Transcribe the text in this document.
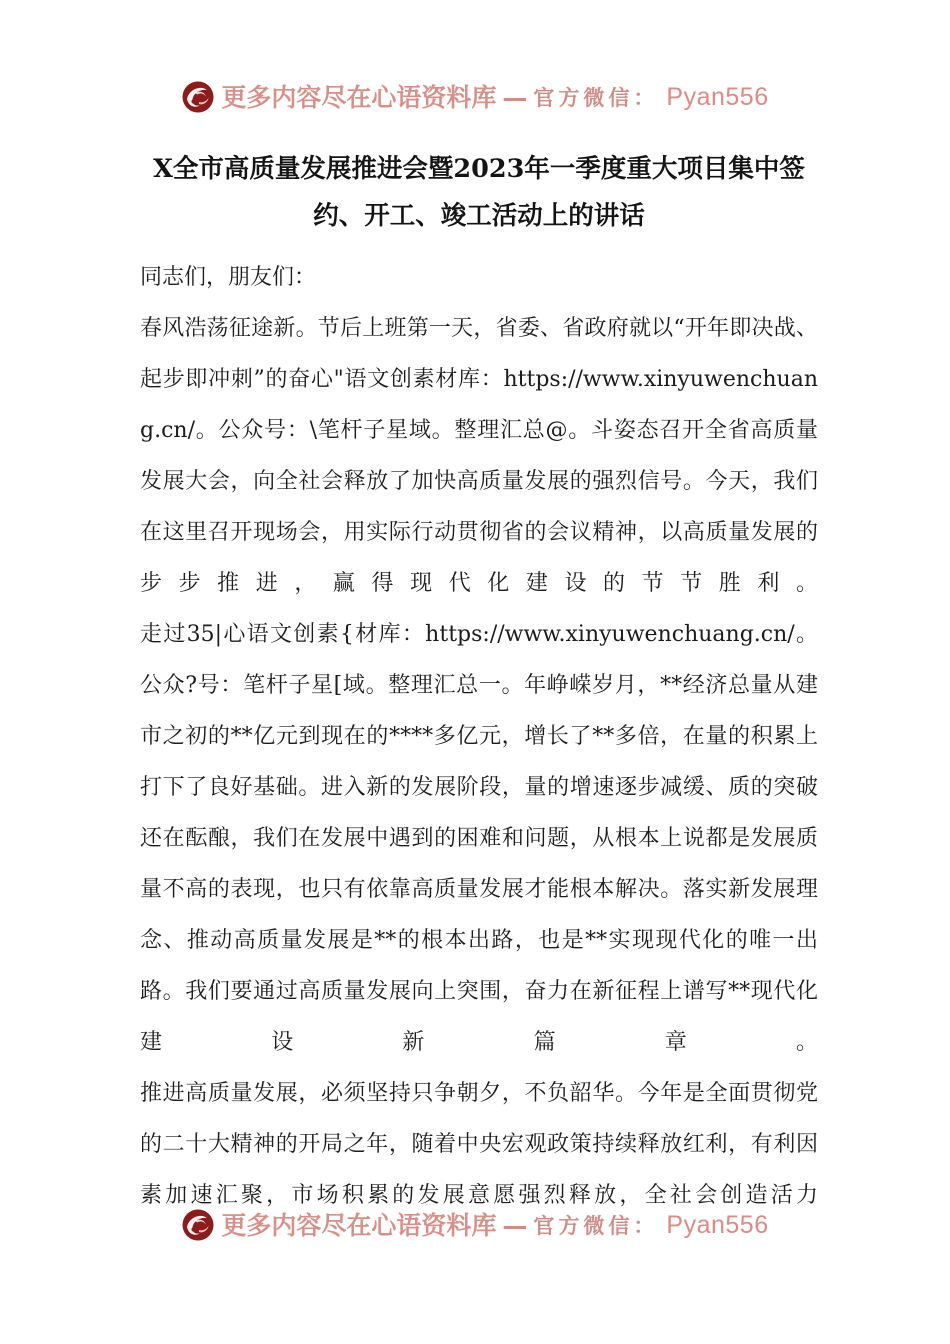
更多内容尽在心语资料库 — 官方微信： Pyan556
X全市高质量发展推进会暨2023年一季度重大项目集中签约、开工、竣工活动上的讲话

同志们，朋友们：

春风浩荡征途新。节后上班第一天，省委、省政府就以“开年即决战、起步即冲刺”的奋心"语文创素材库：https://www.xinyuwenchuang.cn/。公众号：\笔杆子星域。整理汇总@。斗姿态召开全省高质量发展大会，向全社会释放了加快高质量发展的强烈信号。今天，我们在这里召开现场会，用实际行动贯彻省的会议精神，以高质量发展的步步推进，赢得现代化建设的节节胜利。

走过35|心语文创素{材库：https://www.xinyuwenchuang.cn/。公众?号：笔杆子星[域。整理汇总一。年峥嵘岁月，**经济总量从建市之初的**亿元到现在的****多亿元，增长了**多倍，在量的积累上打下了良好基础。进入新的发展阶段，量的增速逐步减缓、质的突破还在酝酿，我们在发展中遇到的困难和问题，从根本上说都是发展质量不高的表现，也只有依靠高质量发展才能根本解决。落实新发展理念、推动高质量发展是**的根本出路，也是**实现现代化的唯一出路。我们要通过高质量发展向上突围，奋力在新征程上谱写**现代化建设新篇章。

推进高质量发展，必须坚持只争朝夕，不负韶华。今年是全面贯彻党的二十大精神的开局之年，随着中央宏观政策持续释放红利，有利因素加速汇聚，市场积累的发展意愿强烈释放，全社会创造活力

更多内容尽在心语资料库 — 官方微信： Pyan556
